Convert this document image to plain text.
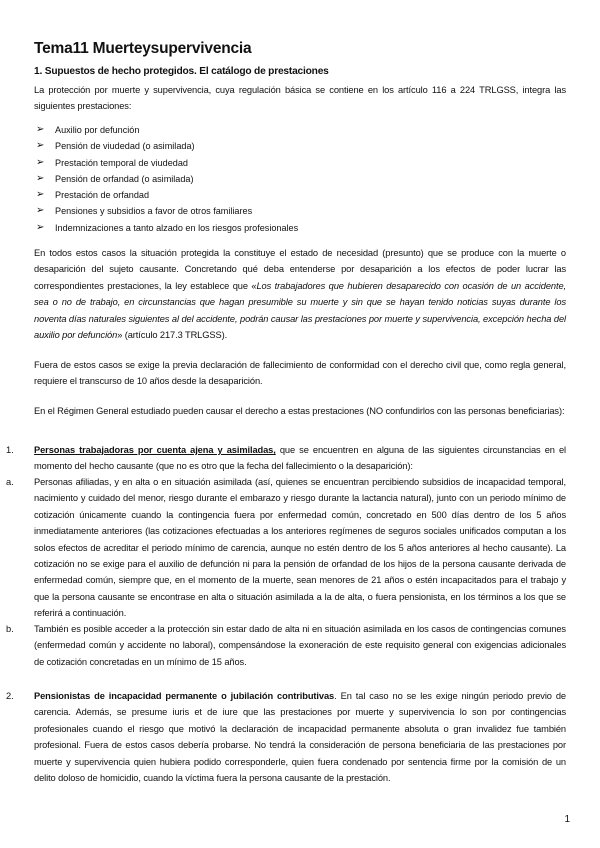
Tema11 Muerteysupervivencia
1. Supuestos de hecho protegidos. El catálogo de prestaciones
La protección por muerte y supervivencia, cuya regulación básica se contiene en los artículo 116 a 224 TRLGSS, integra las siguientes prestaciones:
➢	Auxilio por defunción
➢	Pensión de viudedad (o asimilada)
➢	Prestación temporal de viudedad
➢	Pensión de orfandad (o asimilada)
➢	Prestación de orfandad
➢	Pensiones y subsidios a favor de otros familiares
➢	Indemnizaciones a tanto alzado en los riesgos profesionales
En todos estos casos la situación protegida la constituye el estado de necesidad (presunto) que se produce con la muerte o desaparición del sujeto causante. Concretando qué deba entenderse por desaparición a los efectos de poder lucrar las correspondientes prestaciones, la ley establece que «Los trabajadores que hubieren desaparecido con ocasión de un accidente, sea o no de trabajo, en circunstancias que hagan presumible su muerte y sin que se hayan tenido noticias suyas durante los noventa días naturales siguientes al del accidente, podrán causar las prestaciones por muerte y supervivencia, excepción hecha del auxilio por defunción» (artículo 217.3 TRLGSS).
Fuera de estos casos se exige la previa declaración de fallecimiento de conformidad con el derecho civil que, como regla general, requiere el transcurso de 10 años desde la desaparición.
En el Régimen General estudiado pueden causar el derecho a estas prestaciones (NO confundirlos con las personas beneficiarias):
1.	Personas trabajadoras por cuenta ajena y asimiladas, que se encuentren en alguna de las siguientes circunstancias en el momento del hecho causante (que no es otro que la fecha del fallecimiento o la desaparición):
a.	Personas afiliadas, y en alta o en situación asimilada (así, quienes se encuentran percibiendo subsidios de incapacidad temporal, nacimiento y cuidado del menor, riesgo durante el embarazo y riesgo durante la lactancia natural), junto con un periodo mínimo de cotización únicamente cuando la contingencia fuera por enfermedad común, concretado en 500 días dentro de los 5 años inmediatamente anteriores (las cotizaciones efectuadas a los anteriores regímenes de seguros sociales unificados computan a los solos efectos de acreditar el periodo mínimo de carencia, aunque no estén dentro de los 5 años anteriores al hecho causante). La cotización no se exige para el auxilio de defunción ni para la pensión de orfandad de los hijos de la persona causante derivada de enfermedad común, siempre que, en el momento de la muerte, sean menores de 21 años o estén incapacitados para el trabajo y que la persona causante se encontrase en alta o situación asimilada a la de alta, o fuera pensionista, en los términos a los que se referirá a continuación.
b.	También es posible acceder a la protección sin estar dado de alta ni en situación asimilada en los casos de contingencias comunes (enfermedad común y accidente no laboral), compensándose la exoneración de este requisito general con exigencias adicionales de cotización concretadas en un mínimo de 15 años.
2.	Pensionistas de incapacidad permanente o jubilación contributivas. En tal caso no se les exige ningún periodo previo de carencia. Además, se presume iuris et de iure que las prestaciones por muerte y supervivencia lo son por contingencias profesionales cuando el riesgo que motivó la declaración de incapacidad permanente absoluta o gran invalidez fue también profesional. Fuera de estos casos debería probarse. No tendrá la consideración de persona beneficiaria de las prestaciones por muerte y supervivencia quien hubiera podido corresponderle, quien fuera condenado por sentencia firme por la comisión de un delito doloso de homicidio, cuando la víctima fuera la persona causante de la prestación.
1
